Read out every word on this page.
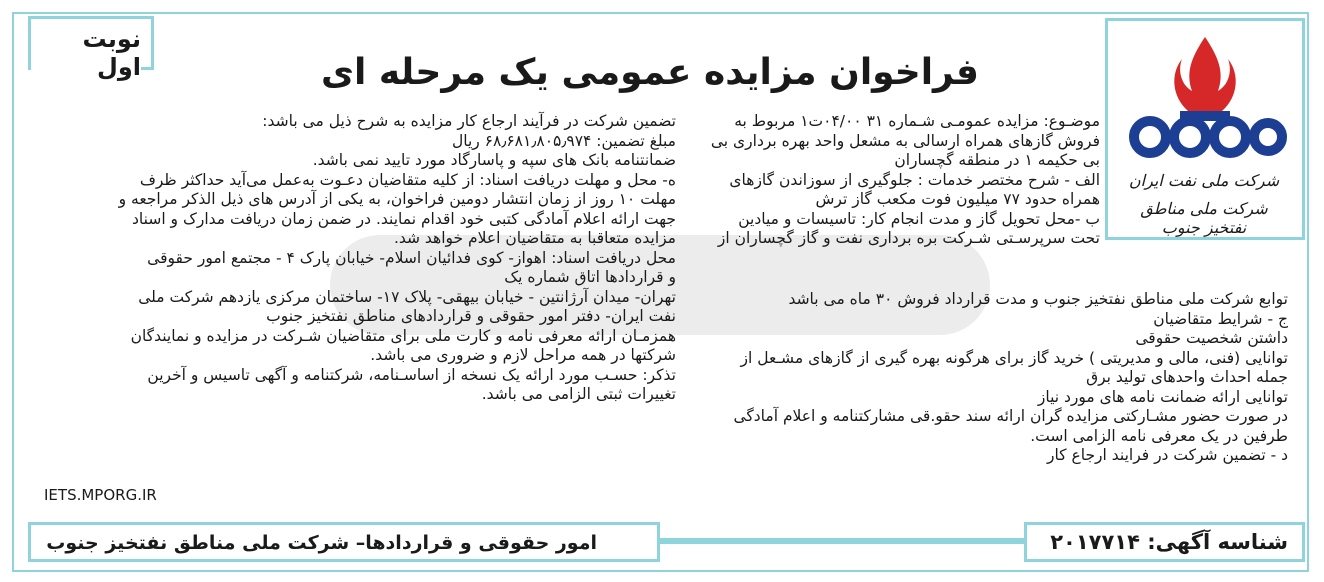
نوبت اول
شرکت ملی نفت ایران
شرکت ملی مناطق نفتخیز جنوب
فراخوان مزایده عمومی یک مرحله ای

موضـوع: مزایده عمومـی شـماره ۳۱ ۰۴/۰۰ت۱ مربوط به

فروش گازهای همراه ارسالی به مشعل واحد بهره برداری بی

بی حکیمه ۱ در منطقه گچساران

الف - شرح مختصر خدمات : جلوگیری از سوزاندن گازهای

همراه حدود ۷۷ میلیون فوت مکعب گاز ترش

ب -محل تحویل گاز و مدت انجام کار: تاسیسات و میادین

تحت سرپرسـتی شـرکت بره برداری نفت و گاز گچساران از

توابع شرکت ملی مناطق نفتخیز جنوب و مدت قرارداد فروش ۳۰ ماه می باشد

ج - شرایط متقاضیان

داشتن شخصیت حقوقی

توانایی (فنی، مالی و مدیریتی ) خرید گاز برای هرگونه بهره گیری از گازهای مشـعل از

جمله احداث واحدهای تولید برق

توانایی ارائه ضمانت نامه های مورد نیاز

در صورت حضور مشـارکتی مزایده گران ارائه سند حقو.قی مشارکتنامه و اعلام آمادگی

طرفین در یک معرفی نامه الزامی است.

د - تضمین شرکت در فرایند ارجاع کار

تضمین شرکت در فرآیند ارجاع کار مزایده به شرح ذیل می باشد:

مبلغ تضمین: ۶۸٫۶۸۱٫۸۰۵٫۹۷۴ ریال

ضمانتنامه بانک های سپه و پاسارگاد مورد تایید نمی باشد.

ه- محل و مهلت دریافت اسناد: از کلیه متقاضیان دعـوت به‌عمل می‌آید حداکثر ظرف

مهلت ۱۰ روز از زمان انتشار دومین فراخوان، به یکی از آدرس های ذیل الذکر مراجعه و

جهت ارائه اعلام آمادگی کتبی خود اقدام نمایند. در ضمن زمان دریافت مدارک و اسناد

مزایده متعاقبا به متقاضیان اعلام خواهد شد.

محل دریافت اسناد: اهواز- کوی فدائیان اسلام- خیابان پارک ۴ - مجتمع امور حقوقی

و قراردادها اتاق شماره یک

تهران- میدان آرژانتین - خیابان بیهقی- پلاک ۱۷- ساختمان مرکزی یازدهم شرکت ملی

نفت ایران- دفتر امور حقوقی و قراردادهای مناطق نفتخیز جنوب

همزمـان ارائه معرفی نامه و کارت ملی برای متقاضیان شـرکت در مزایده و نمایندگان

شرکتها در همه مراحل لازم و ضروری می باشد.

تذکر: حسـب مورد ارائه یک نسخه از اساسـنامه، شرکتنامه و آگهی تاسیس و آخرین

تغییرات ثبتی الزامی می باشد.

IETS.MPORG.IR
امور حقوقی و قراردادها– شرکت ملی مناطق نفتخیز جنوب	شناسه آگهی: ۲۰۱۷۷۱۴
